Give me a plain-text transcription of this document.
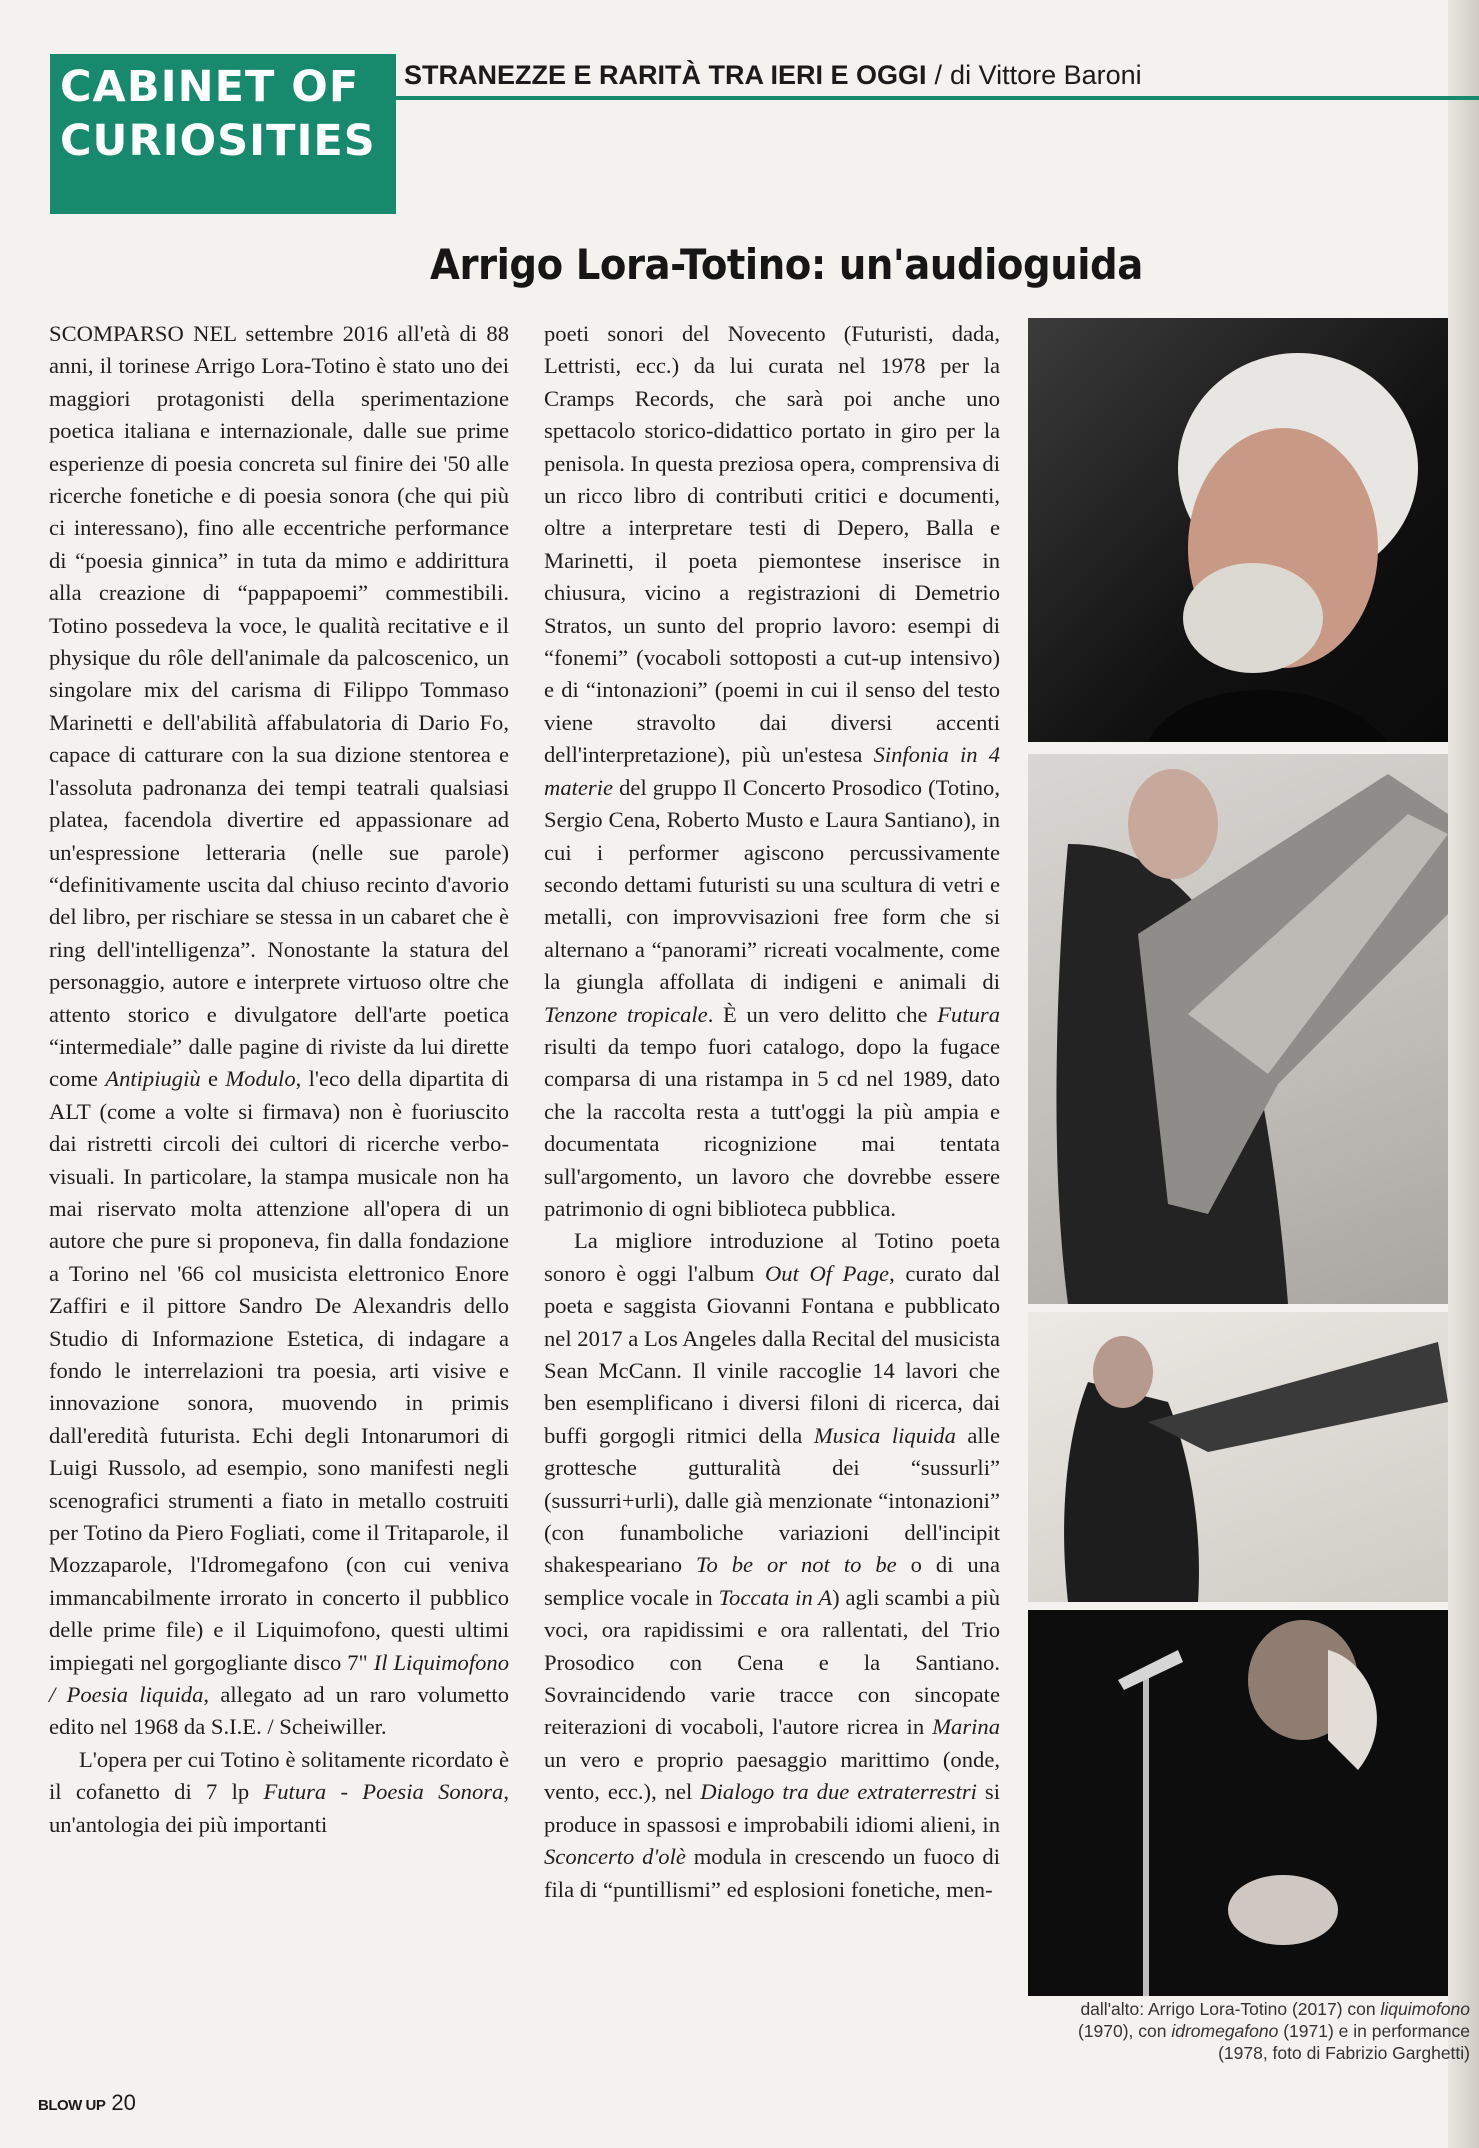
CABINET OF
CURIOSITIES
STRANEZZE E RARITÀ TRA IERI E OGGI / di Vittore Baroni
Arrigo Lora-Totino: un'audioguida

SCOMPARSO NEL settembre 2016 all'età di 88 anni, il torinese Arrigo Lora-Totino è stato uno dei maggiori protagonisti della sperimentazione poetica italiana e internazionale, dalle sue prime esperienze di poesia concreta sul finire dei '50 alle ricerche fonetiche e di poesia sonora (che qui più ci interessano), fino alle eccentriche performance di “poesia ginnica” in tuta da mimo e addirittura alla creazione di “pappapoemi” commestibili. Totino possedeva la voce, le qualità recitative e il physique du rôle dell'animale da palcoscenico, un singolare mix del carisma di Filippo Tommaso Marinetti e dell'abilità affabulatoria di Dario Fo, capace di catturare con la sua dizione stentorea e l'assoluta padronanza dei tempi teatrali qualsiasi platea, facendola divertire ed appassionare ad un'espressione letteraria (nelle sue parole) “definitivamente uscita dal chiuso recinto d'avorio del libro, per rischiare se stessa in un cabaret che è ring dell'intelligenza”. Nonostante la statura del personaggio, autore e interprete virtuoso oltre che attento storico e divulgatore dell'arte poetica “intermediale” dalle pagine di riviste da lui dirette come Antipiugiù e Modulo, l'eco della dipartita di ALT (come a volte si firmava) non è fuoriuscito dai ristretti circoli dei cultori di ricerche verbo-visuali. In particolare, la stampa musicale non ha mai riservato molta attenzione all'opera di un autore che pure si proponeva, fin dalla fondazione a Torino nel '66 col musicista elettronico Enore Zaffiri e il pittore Sandro De Alexandris dello Studio di Informazione Estetica, di indagare a fondo le interrelazioni tra poesia, arti visive e innovazione sonora, muovendo in primis dall'eredità futurista. Echi degli Intonarumori di Luigi Russolo, ad esempio, sono manifesti negli scenografici strumenti a fiato in metallo costruiti per Totino da Piero Fogliati, come il Tritaparole, il Mozzaparole, l'Idromegafono (con cui veniva immancabilmente irrorato in concerto il pubblico delle prime file) e il Liquimofono, questi ultimi impiegati nel gorgogliante disco 7" Il Liquimofono / Poesia liquida, allegato ad un raro volumetto edito nel 1968 da S.I.E. / Scheiwiller.

L'opera per cui Totino è solitamente ricordato è il cofanetto di 7 lp Futura - Poesia Sonora, un'antologia dei più importanti

poeti sonori del Novecento (Futuristi, dada, Lettristi, ecc.) da lui curata nel 1978 per la Cramps Records, che sarà poi anche uno spettacolo storico-didattico portato in giro per la penisola. In questa preziosa opera, comprensiva di un ricco libro di contributi critici e documenti, oltre a interpretare testi di Depero, Balla e Marinetti, il poeta piemontese inserisce in chiusura, vicino a registrazioni di Demetrio Stratos, un sunto del proprio lavoro: esempi di “fonemi” (vocaboli sottoposti a cut-up intensivo) e di “intonazioni” (poemi in cui il senso del testo viene stravolto dai diversi accenti dell'interpretazione), più un'estesa Sinfonia in 4 materie del gruppo Il Concerto Prosodico (Totino, Sergio Cena, Roberto Musto e Laura Santiano), in cui i performer agiscono percussivamente secondo dettami futuristi su una scultura di vetri e metalli, con improvvisazioni free form che si alternano a “panorami” ricreati vocalmente, come la giungla affollata di indigeni e animali di Tenzone tropicale. È un vero delitto che Futura risulti da tempo fuori catalogo, dopo la fugace comparsa di una ristampa in 5 cd nel 1989, dato che la raccolta resta a tutt'oggi la più ampia e documentata ricognizione mai tentata sull'argomento, un lavoro che dovrebbe essere patrimonio di ogni biblioteca pubblica.

La migliore introduzione al Totino poeta sonoro è oggi l'album Out Of Page, curato dal poeta e saggista Giovanni Fontana e pubblicato nel 2017 a Los Angeles dalla Recital del musicista Sean McCann. Il vinile raccoglie 14 lavori che ben esemplificano i diversi filoni di ricerca, dai buffi gorgogli ritmici della Musica liquida alle grottesche gutturalità dei “sussurli” (sussurri+urli), dalle già menzionate “intonazioni” (con funamboliche variazioni dell'incipit shakespeariano To be or not to be o di una semplice vocale in Toccata in A) agli scambi a più voci, ora rapidissimi e ora rallentati, del Trio Prosodico con Cena e la Santiano. Sovraincidendo varie tracce con sincopate reiterazioni di vocaboli, l'autore ricrea in Marina un vero e proprio paesaggio marittimo (onde, vento, ecc.), nel Dialogo tra due extraterrestri si produce in spassosi e improbabili idiomi alieni, in Sconcerto d'olè modula in crescendo un fuoco di fila di “puntillismi” ed esplosioni fonetiche, men-

dall'alto: Arrigo Lora-Totino (2017) con liquimofono
(1970), con idromegafono (1971) e in performance
(1978, foto di Fabrizio Garghetti)
BLOW UP 20
